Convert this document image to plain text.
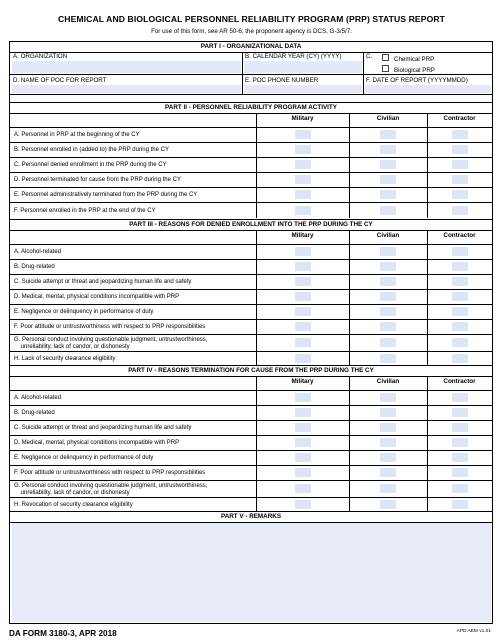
CHEMICAL AND BIOLOGICAL PERSONNEL RELIABILITY PROGRAM (PRP) STATUS REPORT
For use of this form, see AR 50-6; the proponent agency is DCS, G-3/5/7.
PART I - ORGANIZATIONAL DATA
A. ORGANIZATION	B. CALENDAR YEAR (CY) (YYYY)	C.	Chemical PRP
Biological PRP
D. NAME OF POC FOR REPORT	E. POC PHONE NUMBER	F. DATE OF REPORT (YYYYMMDD)
PART II - PERSONNEL RELIABILITY PROGRAM ACTIVITY
Military	Civilian	Contractor
A. Personnel in PRP at the beginning of the CY
B. Personnel enrolled in (added to) the PRP during the CY
C. Personnel denied enrollment in the PRP during the CY
D. Personnel terminated for cause from the PRP during the CY
E. Personnel administratively terminated from the PRP during the CY
F. Personnel enrolled in the PRP at the end of the CY
PART III - REASONS FOR DENIED ENROLLMENT INTO THE PRP DURING THE CY
Military	Civilian	Contractor
A. Alcohol-related
B. Drug-related
C. Suicide attempt or threat and jeopardizing human life and safety
D. Medical, mental, physical conditions incompatible with PRP
E. Negligence or delinquency in performance of duty
F. Poor attitude or untrustworthiness with respect to PRP responsibilities
G. Personal conduct involving questionable judgment, untrustworthiness,
unreliability, lack of candor, or dishonesty
H. Lack of security clearance eligibility
PART IV - REASONS TERMINATION FOR CAUSE FROM THE PRP DURING THE CY
Military	Civilian	Contractor
A. Alcohol-related
B. Drug-related
C. Suicide attempt or threat and jeopardizing human life and safety
D. Medical, mental, physical conditions incompatible with PRP
E. Negligence or delinquency in performance of duty
F. Poor attitude or untrustworthiness with respect to PRP responsibilities
G. Personal conduct involving questionable judgment, untrustworthiness,
unreliability, lack of candor, or dishonesty
H. Revocation of security clearance eligibility
PART V - REMARKS
DA FORM 3180-3, APR 2018	APD AEM v1.01
